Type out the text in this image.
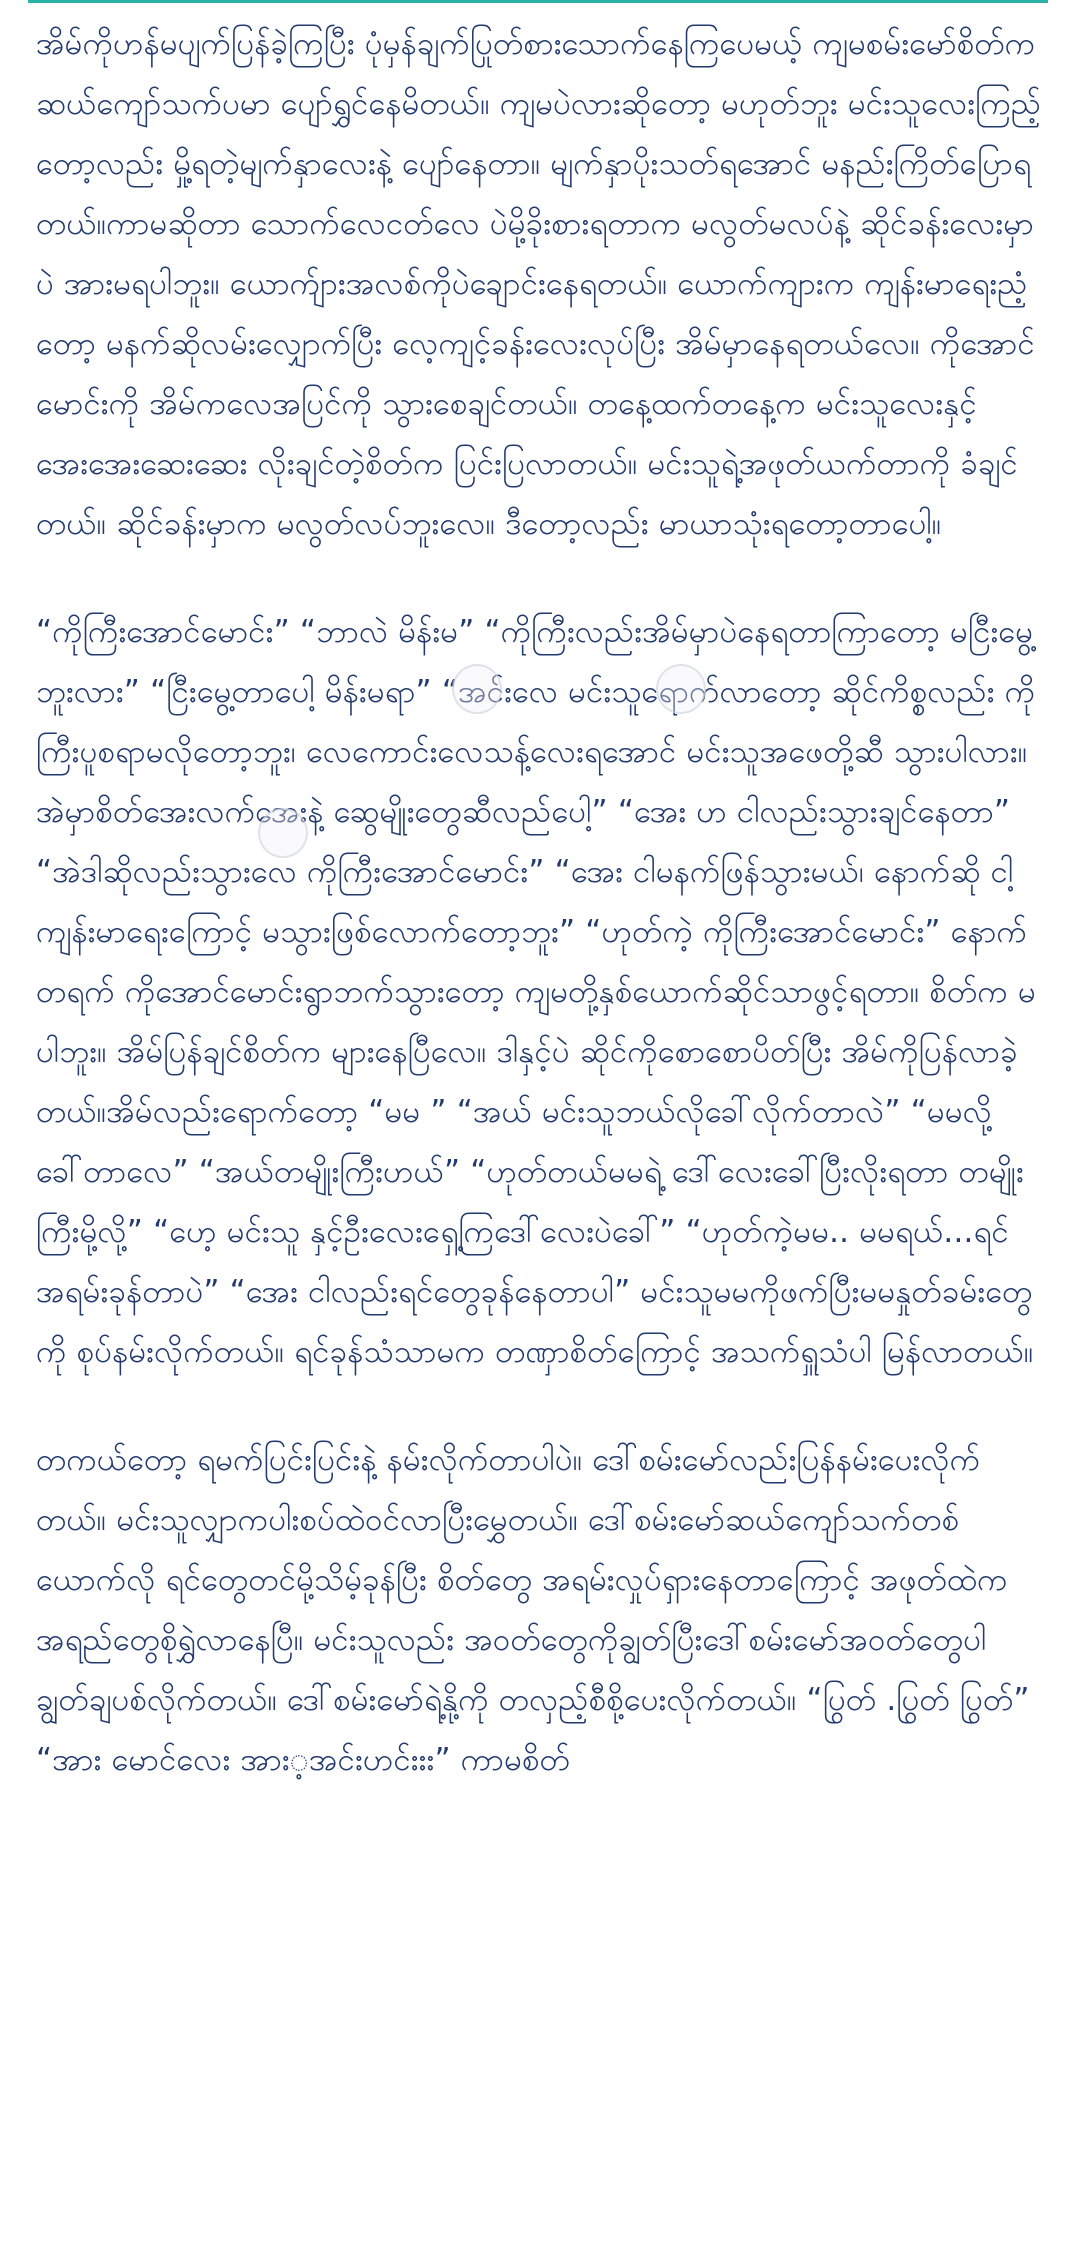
အိမ်ကိုဟန်မပျက်ပြန်ခဲ့ကြပြီး ပုံမှန်ချက်ပြုတ်စားသောက်နေကြပေမယ့် ကျမစမ်းမော်စိတ်က ဆယ်ကျော်သက်ပမာ ပျော်ရွှင်နေမိတယ်။ ကျမပဲလားဆိုတော့ မဟုတ်ဘူး မင်းသူလေးကြည့်တော့လည်း မှို့ရတဲ့မျက်နှာလေးနဲ့ ပျော်နေတာ။ မျက်နှာပိုးသတ်ရအောင် မနည်းကြိတ်ပြောရတယ်။ကာမဆိုတာ သောက်လေငတ်လေ ပဲမို့ခိုးစားရတာက မလွတ်မလပ်နဲ့ ဆိုင်ခန်းလေးမှာပဲ အားမရပါဘူး။ ယောက်ျားအလစ်ကိုပဲချောင်းနေရတယ်။ ယောက်ကျားက ကျန်းမာရေးညံ့တော့ မနက်ဆိုလမ်းလျှောက်ပြီး လေ့ကျင့်ခန်းလေးလုပ်ပြီး အိမ်မှာနေရတယ်လေ။ ကိုအောင်မောင်းကို အိမ်ကလေအပြင်ကို သွားစေချင်တယ်။ တနေ့ထက်တနေ့က မင်းသူလေးနှင့် အေးအေးဆေးဆေး လိုးချင်တဲ့စိတ်က ပြင်းပြလာတယ်။ မင်းသူရဲ့အဖုတ်ယက်တာကို ခံချင်တယ်။ ဆိုင်ခန်းမှာက မလွတ်လပ်ဘူးလေ။ ဒီတော့လည်း မာယာသုံးရတော့တာပေါ့။

“ကိုကြီးအောင်မောင်း” “ဘာလဲ မိန်းမ” “ကိုကြီးလည်းအိမ်မှာပဲနေရတာကြာတော့ မငြီးမွေ့ဘူးလား” “ငြီးမွေ့တာပေါ့ မိန်းမရာ” “အင်းလေ မင်းသူရောက်လာတော့ ဆိုင်ကိစ္စလည်း ကိုကြီးပူစရာမလိုတော့ဘူး၊ လေကောင်းလေသန့်လေးရအောင် မင်းသူအဖေတို့ဆီ သွားပါလား။ အဲမှာစိတ်အေးလက်အေးနဲ့ ဆွေမျိုးတွေဆီလည်ပေါ့” “အေး ဟ ငါလည်းသွားချင်နေတာ” “အဲဒါဆိုလည်းသွားလေ ကိုကြီးအောင်မောင်း” “အေး ငါမနက်ဖြန်သွားမယ်၊ နောက်ဆို ငါ့ကျန်းမာရေးကြောင့် မသွားဖြစ်လောက်တော့ဘူး” “ဟုတ်ကဲ့ ကိုကြီးအောင်မောင်း” နောက်တရက် ကိုအောင်မောင်းရွာဘက်သွားတော့ ကျမတို့နှစ်ယောက်ဆိုင်သာဖွင့်ရတာ။ စိတ်က မပါဘူး။ အိမ်ပြန်ချင်စိတ်က များနေပြီလေ။ ဒါနှင့်ပဲ ဆိုင်ကိုစောစောပိတ်ပြီး အိမ်ကိုပြန်လာခဲ့တယ်။အိမ်လည်းရောက်တော့ “မမ ” “အယ် မင်းသူဘယ်လိုခေါ်လိုက်တာလဲ” “မမလို့ ခေါ်တာလေ” “အယ်တမျိုးကြီးဟယ်” “ဟုတ်တယ်မမရဲ့ ဒေါ်လေးခေါ်ပြီးလိုးရတာ တမျိုးကြီးမို့လို့” “ဟေ့ မင်းသူ နှင့်ဦးလေးရှေ့ကြဒေါ်လေးပဲခေါ်” “ဟုတ်ကဲ့မမ.. မမရယ်...ရင်အရမ်းခုန်တာပဲ” “အေး ငါလည်းရင်တွေခုန်နေတာပါ” မင်းသူမမကိုဖက်ပြီးမမနှုတ်ခမ်းတွေကို စုပ်နမ်းလိုက်တယ်။ ရင်ခုန်သံသာမက တဏှာစိတ်ကြောင့် အသက်ရှူသံပါ မြန်လာတယ်။

တကယ်တော့ ရမက်ပြင်းပြင်းနဲ့ နမ်းလိုက်တာပါပဲ။ ဒေါ်စမ်းမော်လည်းပြန်နမ်းပေးလိုက်တယ်။ မင်းသူလျှာကပါးစပ်ထဲဝင်လာပြီးမွှေတယ်။ ဒေါ်စမ်းမော်ဆယ်ကျော်သက်တစ်ယောက်လို ရင်တွေတင်မို့သိမ့်ခုန်ပြီး စိတ်တွေ အရမ်းလှုပ်ရှားနေတာကြောင့် အဖုတ်ထဲက အရည်တွေစိုရွှဲလာနေပြီ။ မင်းသူလည်း အဝတ်တွေကိုချွတ်ပြီးဒေါ်စမ်းမော်အဝတ်တွေပါ ချွတ်ချပစ်လိုက်တယ်။ ဒေါ်စမ်းမော်ရဲ့နို့ကို တလှည့်စီစို့ပေးလိုက်တယ်။ “ပြွတ် .ပြွတ် ပြွတ်” “အား မောင်လေး အား့အင်းဟင်းးး” ကာမစိတ်
